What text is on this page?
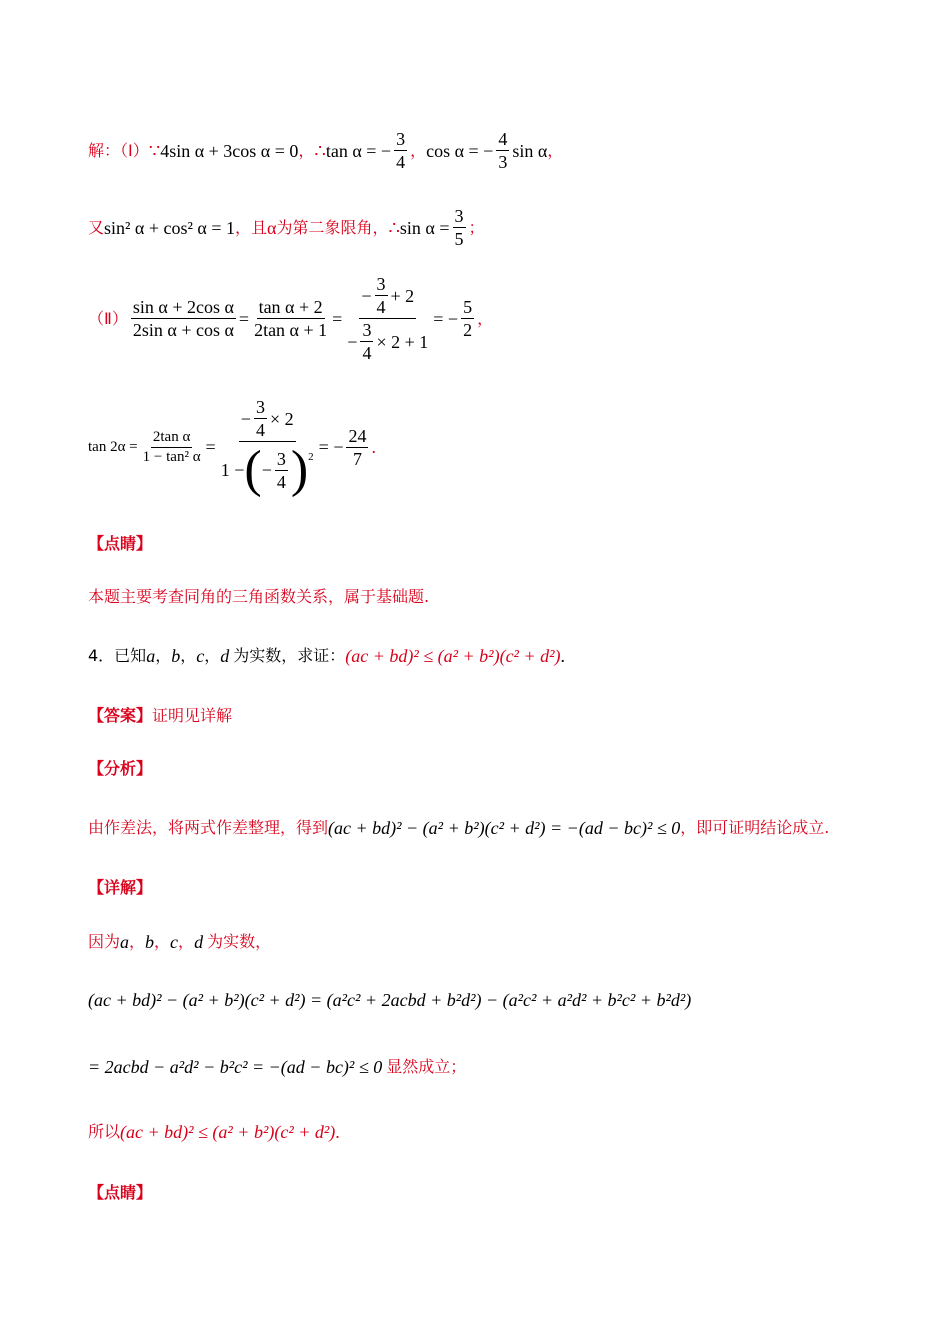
解：（Ⅰ） ∵ 4sin α + 3cos α = 0 ， ∴ tan α = − $\frac{3}{4}$ ， cos α = − $\frac{4}{3}$ sin α ，
又 sin² α + cos² α = 1 ，且 α 为第二象限角， ∴ $\sin \alpha = \frac{3}{5}$ ；
（Ⅱ） $\frac{\text{sin α + 2cos α}}{\text{2sin α + cos α}} = \frac{\text{tan α + 2}}{\text{2tan α + 1}} = \frac{- \frac{3}{4} + 2}{- \frac{3}{4} \times 2 + 1}$ = − $\frac{5}{2}$ ，
$\tan 2\alpha = \frac{\text{2tan α}}{\text{1 − tan² α}}$ =
− $\frac{3}{4} \times 2$
1 − ( − $\frac{3}{4}$ ) 2 = − $\frac{24}{7}$ .
【点睛】
本题主要考查同角的三角函数关系，属于基础题.
4．已知 a ， b ， c ， d 为实数，求证： (ac + bd)² ≤ (a² + b²)(c² + d²) .
【答案】 证明见详解
【分析】
由作差法，将两式作差整理，得到 (ac + bd)² − (a² + b²)(c² + d²) = −(ad − bc)² ≤ 0 ，即可证明结论成立.
【详解】
因为 a ， b ， c ， d 为实数，
(ac + bd)² − (a² + b²)(c² + d²) = (a²c² + 2acbd + b²d²) − (a²c² + a²d² + b²c² + b²d²)
= 2acbd − a²d² − b²c² = −(ad − bc)² ≤ 0 显然成立；
所以 (ac + bd)² ≤ (a² + b²)(c² + d²) .
【点睛】
